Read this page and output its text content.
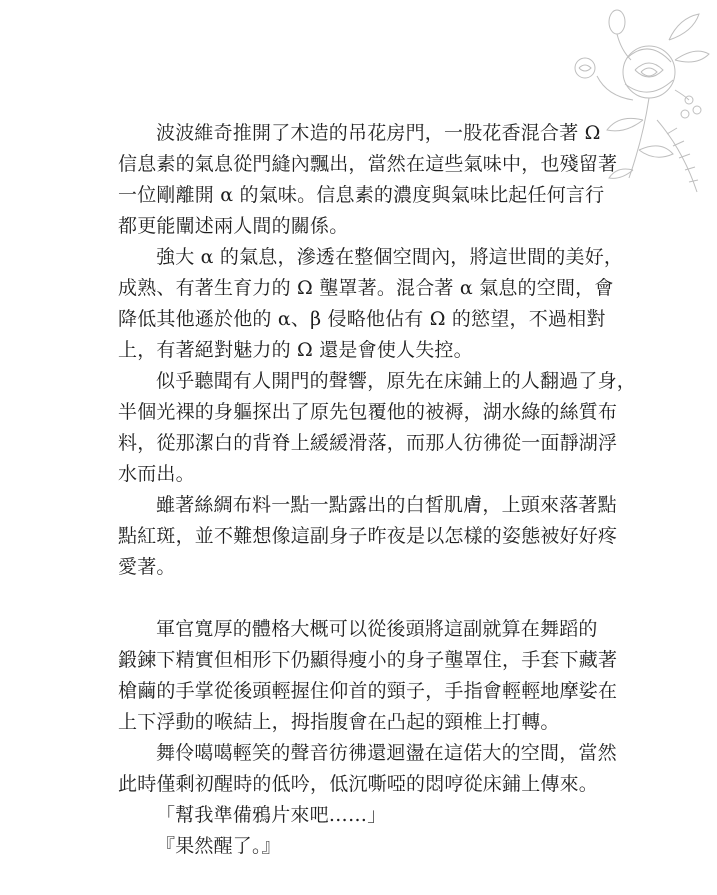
波波維奇推開了木造的吊花房門，一股花香混合著 Ω
信息素的氣息從門縫內飄出，當然在這些氣味中，也殘留著
一位剛離開 α 的氣味。信息素的濃度與氣味比起任何言行
都更能闡述兩人間的關係。
強大 α 的氣息，滲透在整個空間內，將這世間的美好，
成熟、有著生育力的 Ω 壟罩著。混合著 α 氣息的空間，會
降低其他遜於他的 α、β 侵略他佔有 Ω 的慾望，不過相對
上，有著絕對魅力的 Ω 還是會使人失控。
似乎聽聞有人開門的聲響，原先在床鋪上的人翻過了身，
半個光裸的身軀探出了原先包覆他的被褥，湖水綠的絲質布
料，從那潔白的背脊上緩緩滑落，而那人彷彿從一面靜湖浮
水而出。
雖著絲綢布料一點一點露出的白皙肌膚，上頭來落著點
點紅斑，並不難想像這副身子昨夜是以怎樣的姿態被好好疼
愛著。
軍官寬厚的體格大概可以從後頭將這副就算在舞蹈的
鍛鍊下精實但相形下仍顯得瘦小的身子壟罩住，手套下藏著
槍繭的手掌從後頭輕握住仰首的頸子，手指會輕輕地摩娑在
上下浮動的喉結上，拇指腹會在凸起的頸椎上打轉。
舞伶噶噶輕笑的聲音彷彿還迴盪在這偌大的空間，當然
此時僅剩初醒時的低吟，低沉嘶啞的悶哼從床鋪上傳來。
「幫我準備鴉片來吧……」
『果然醒了。』
